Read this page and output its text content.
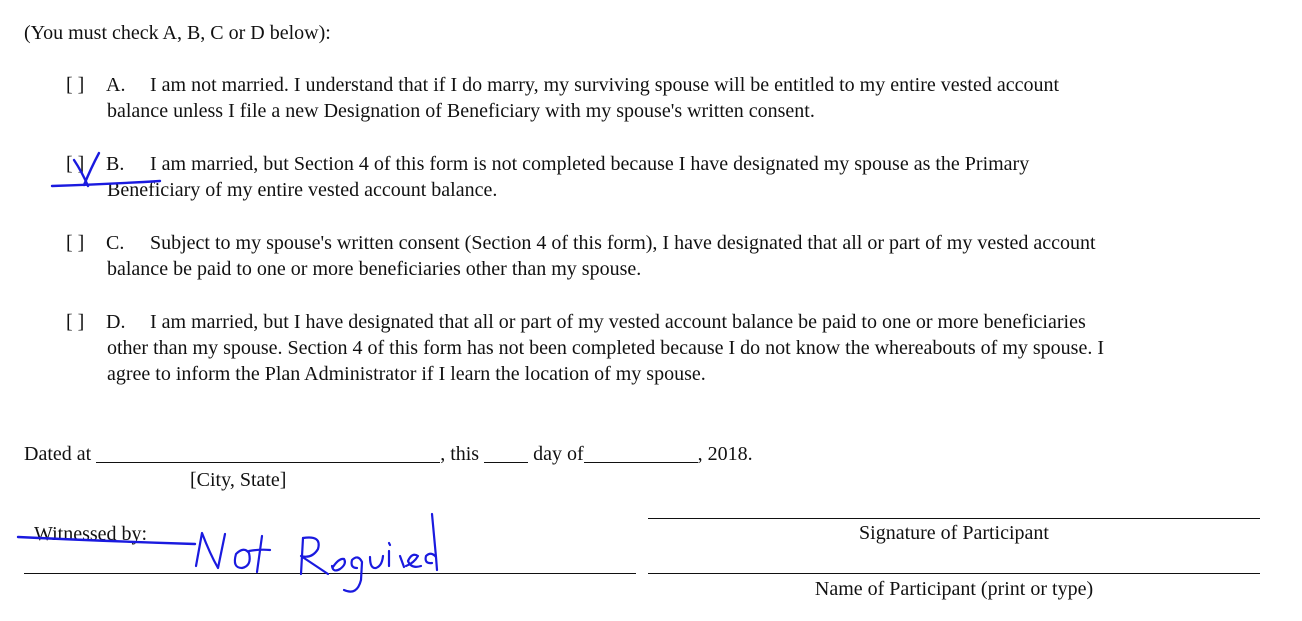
(You must check A, B, C or D below):
[ ] A. I am not married. I understand that if I do marry, my surviving spouse will be entitled to my entire vested account
balance unless I file a new Designation of Beneficiary with my spouse's written consent.
[ ] B. I am married, but Section 4 of this form is not completed because I have designated my spouse as the Primary
Beneficiary of my entire vested account balance.
[ ] C. Subject to my spouse's written consent (Section 4 of this form), I have designated that all or part of my vested account
balance be paid to one or more beneficiaries other than my spouse.
[ ] D. I am married, but I have designated that all or part of my vested account balance be paid to one or more beneficiaries
other than my spouse. Section 4 of this form has not been completed because I do not know the whereabouts of my spouse. I
agree to inform the Plan Administrator if I learn the location of my spouse.
Dated at	, this	day of	, 2018.
[City, State]
Witnessed by:	Signature of Participant
Name of Participant (print or type)
